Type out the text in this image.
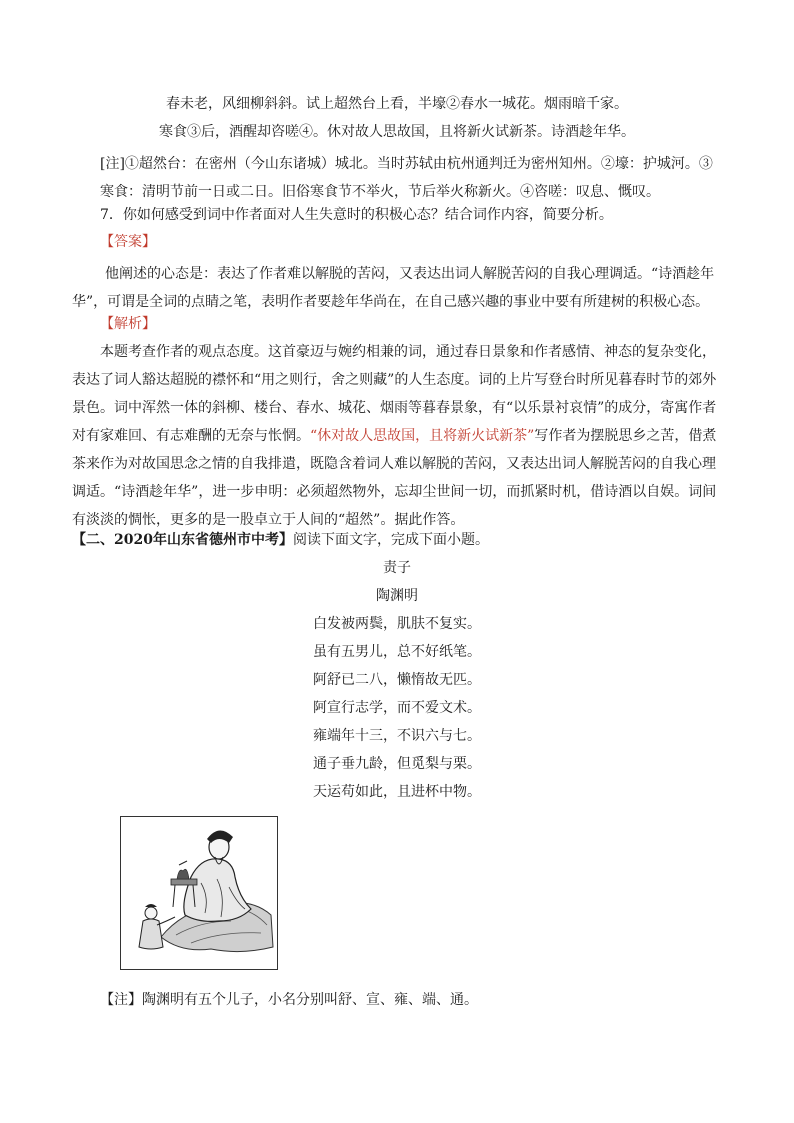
春未老，风细柳斜斜。试上超然台上看，半壕②春水一城花。烟雨暗千家。

寒食③后，酒醒却咨嗟④。休对故人思故国，且将新火试新茶。诗酒趁年华。

[注]①超然台：在密州（今山东诸城）城北。当时苏轼由杭州通判迁为密州知州。②壕：护城河。③寒食：清明节前一日或二日。旧俗寒食节不举火，节后举火称新火。④咨嗟：叹息、慨叹。

7．你如何感受到词中作者面对人生失意时的积极心态？结合词作内容，简要分析。

【答案】

他阐述的心态是：表达了作者难以解脱的苦闷，又表达出词人解脱苦闷的自我心理调适。“诗酒趁年华”，可谓是全词的点睛之笔，表明作者要趁年华尚在，在自己感兴趣的事业中要有所建树的积极心态。

【解析】

本题考查作者的观点态度。这首豪迈与婉约相兼的词，通过春日景象和作者感情、神态的复杂变化，表达了词人豁达超脱的襟怀和“用之则行，舍之则藏”的人生态度。词的上片写登台时所见暮春时节的郊外景色。词中浑然一体的斜柳、楼台、春水、城花、烟雨等暮春景象，有“以乐景衬哀情”的成分，寄寓作者对有家难回、有志难酬的无奈与怅惘。“休对故人思故国，且将新火试新茶”写作者为摆脱思乡之苦，借煮茶来作为对故国思念之情的自我排遣，既隐含着词人难以解脱的苦闷，又表达出词人解脱苦闷的自我心理调适。“诗酒趁年华”，进一步申明：必须超然物外，忘却尘世间一切，而抓紧时机，借诗酒以自娱。词间有淡淡的惆怅，更多的是一股卓立于人间的“超然”。据此作答。

【二、2020年山东省德州市中考】阅读下面文字，完成下面小题。

责子

陶渊明

白发被两鬓，肌肤不复实。
虽有五男儿，总不好纸笔。
阿舒已二八，懒惰故无匹。
阿宣行志学，而不爱文术。
雍端年十三，不识六与七。
通子垂九龄，但觅梨与栗。
天运苟如此，且进杯中物。

【注】陶渊明有五个儿子，小名分别叫舒、宣、雍、端、通。
